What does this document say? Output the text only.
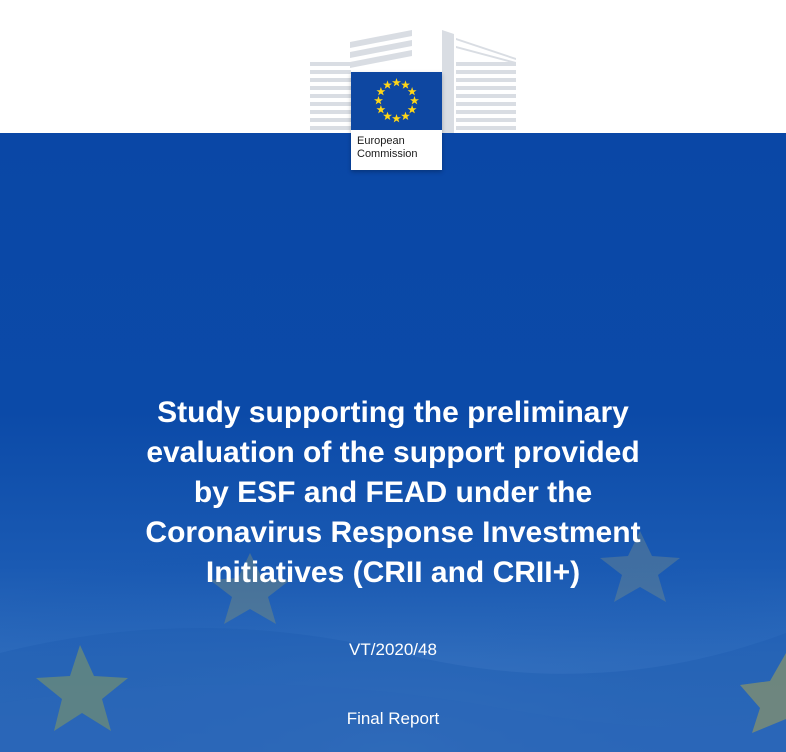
European
Commission
Study supporting the preliminary
evaluation of the support provided
by ESF and FEAD under the
Coronavirus Response Investment
Initiatives (CRII and CRII+)
VT/2020/48
Final Report
